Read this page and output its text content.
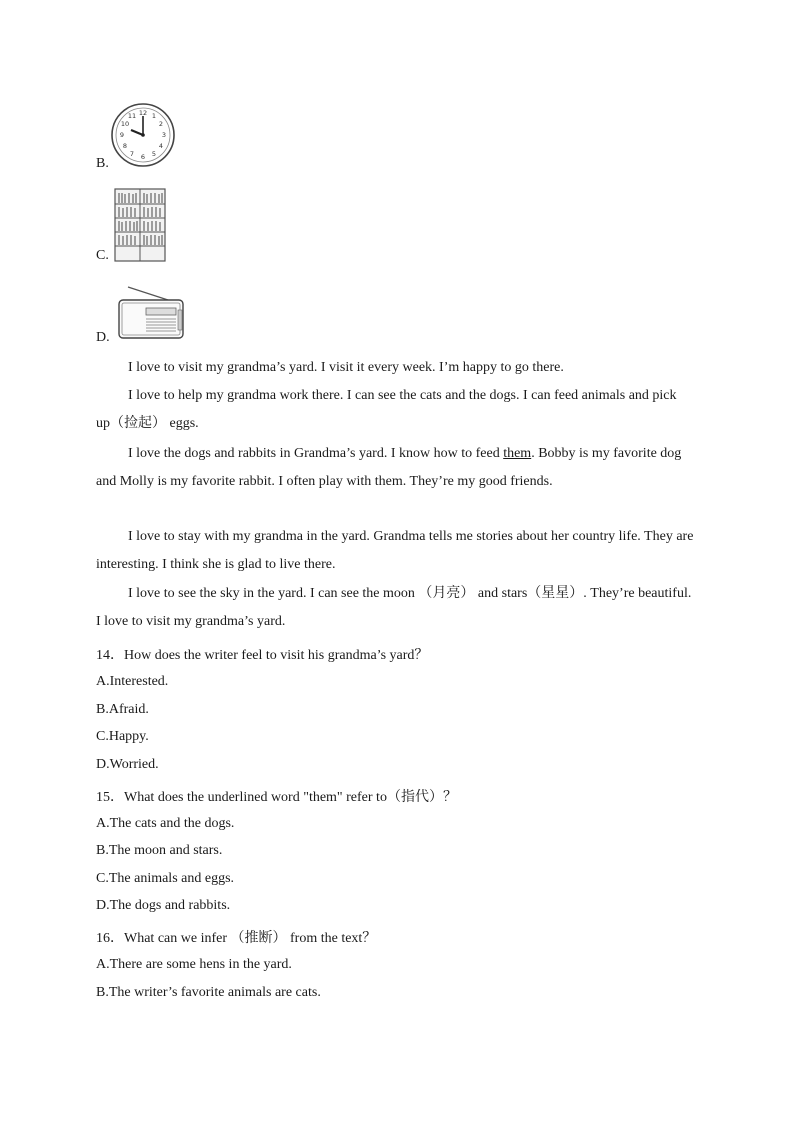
B.
12 1
2
3
4
5
6
7
8
9
10
11
C.
D.

I love to visit my grandma’s yard. I visit it every week. I’m happy to go there.

I love to help my grandma work there. I can see the cats and the dogs. I can feed animals and pick up（捡起） eggs.

I love the dogs and rabbits in Grandma’s yard. I know how to feed them. Bobby is my favorite dog and Molly is my favorite rabbit. I often play with them. They’re my good friends.

I love to stay with my grandma in the yard. Grandma tells me stories about her country life. They are interesting. I think she is glad to live there.

I love to see the sky in the yard. I can see the moon （月亮） and stars（星星）. They’re beautiful. I love to visit my grandma’s yard.

14．How does the writer feel to visit his grandma’s yard？
A.Interested.
B.Afraid.
C.Happy.
D.Worried.
15．What does the underlined word "them" refer to（指代）？
A.The cats and the dogs.
B.The moon and stars.
C.The animals and eggs.
D.The dogs and rabbits.
16．What can we infer （推断） from the text？
A.There are some hens in the yard.
B.The writer’s favorite animals are cats.
